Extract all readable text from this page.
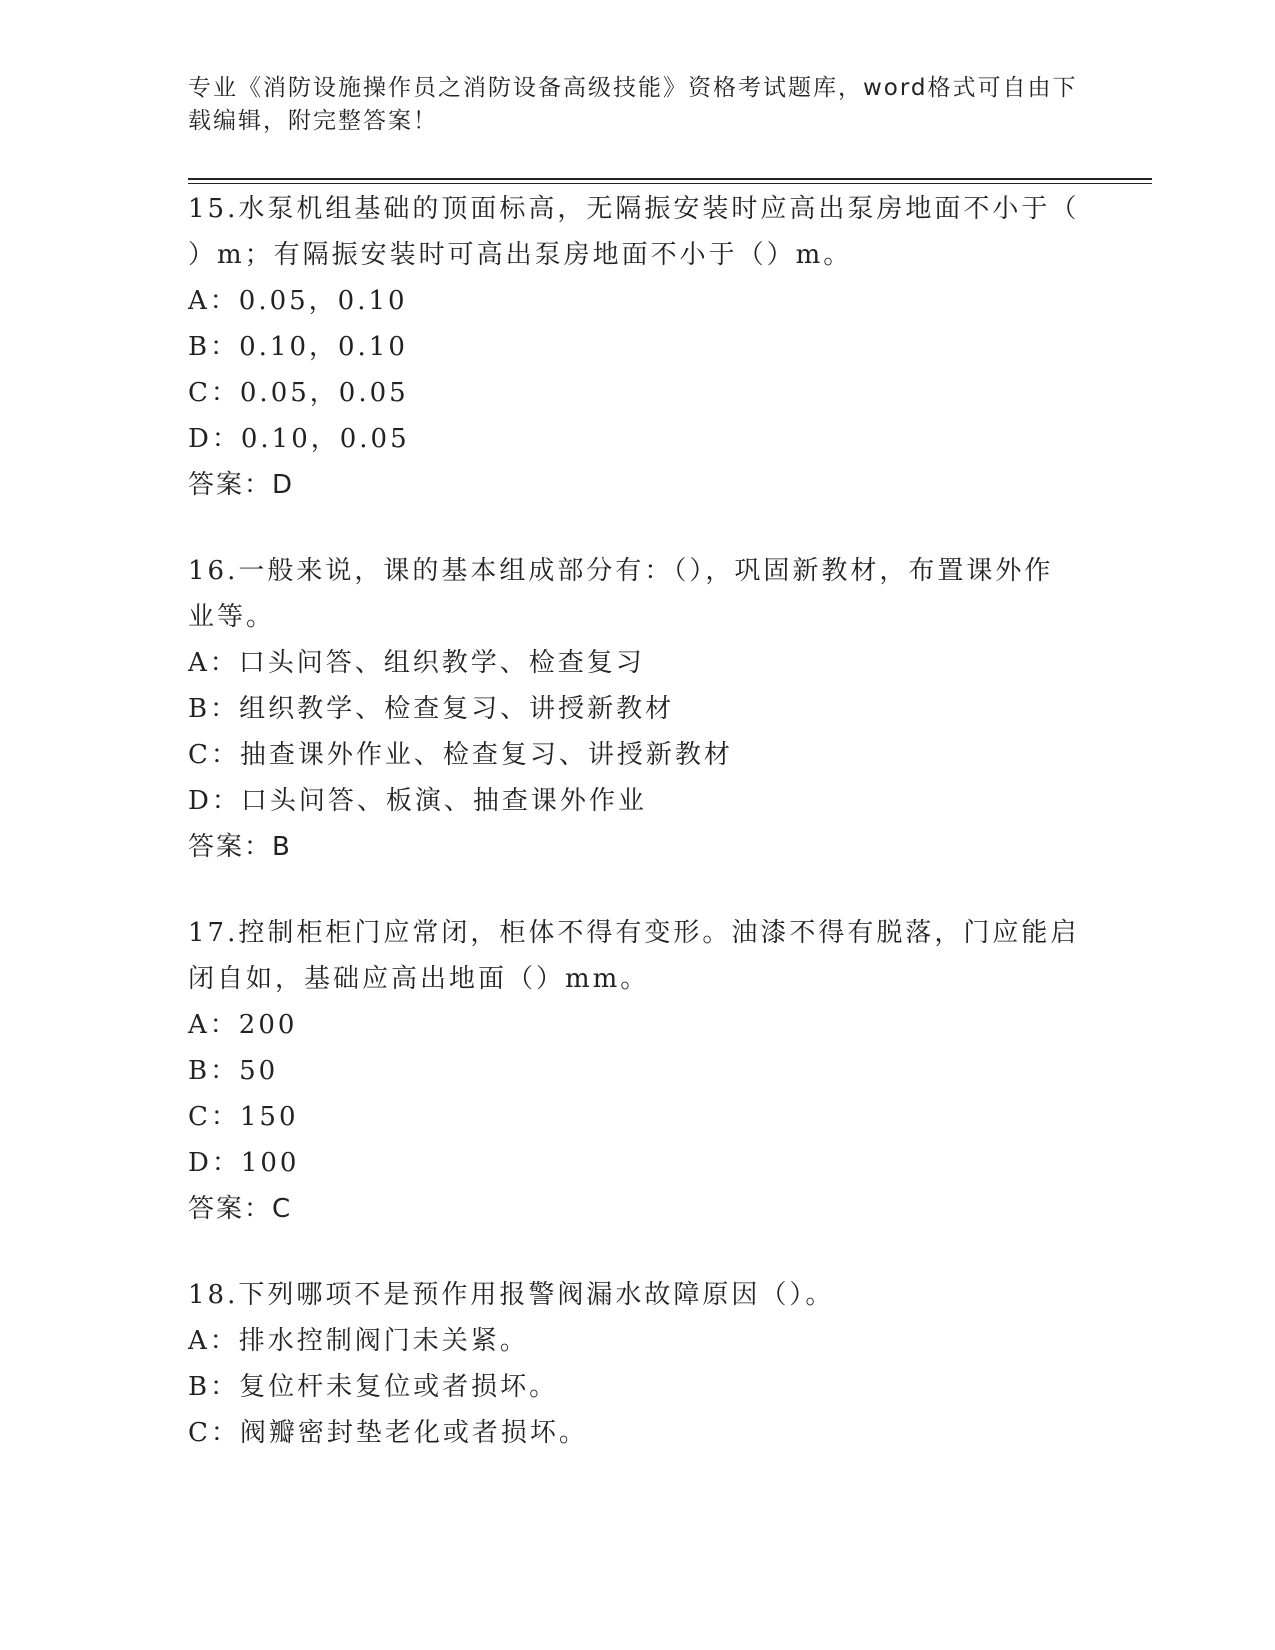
专业《消防设施操作员之消防设备高级技能》资格考试题库，word格式可自由下
载编辑，附完整答案！

15.水泵机组基础的顶面标高，无隔振安装时应高出泵房地面不小于（

）m；有隔振安装时可高出泵房地面不小于（）m。

A：0.05，0.10

B：0.10，0.10

C：0.05，0.05

D：0.10，0.05

答案：D

16.一般来说，课的基本组成部分有：（），巩固新教材，布置课外作

业等。

A：口头问答、组织教学、检查复习

B：组织教学、检查复习、讲授新教材

C：抽查课外作业、检查复习、讲授新教材

D：口头问答、板演、抽查课外作业

答案：B

17.控制柜柜门应常闭，柜体不得有变形。油漆不得有脱落，门应能启

闭自如，基础应高出地面（）mm。

A：200

B：50

C：150

D：100

答案：C

18.下列哪项不是预作用报警阀漏水故障原因（）。

A：排水控制阀门未关紧。

B：复位杆未复位或者损坏。

C：阀瓣密封垫老化或者损坏。
